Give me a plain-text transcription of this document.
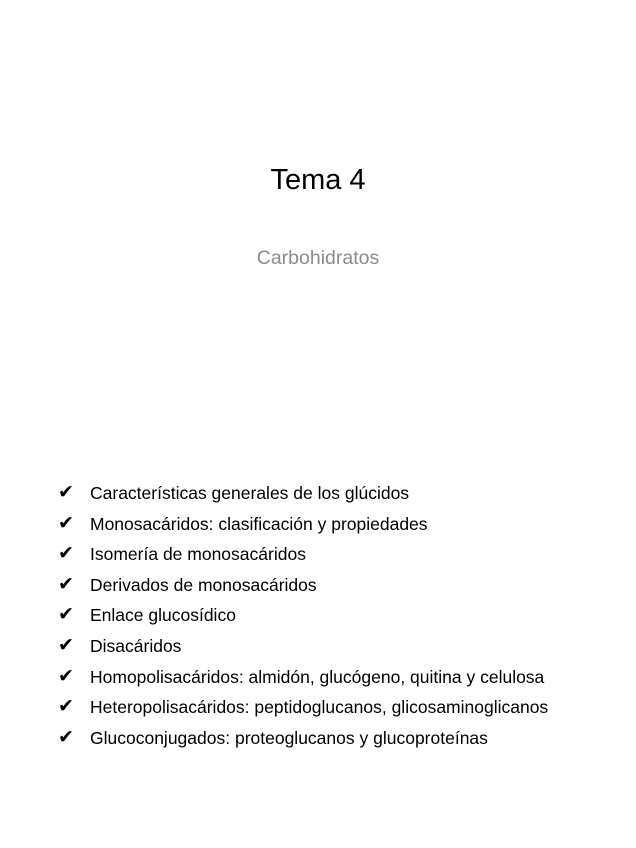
Tema 4
Carbohidratos
✔ Características generales de los glúcidos
✔ Monosacáridos: clasificación y propiedades
✔ Isomería de monosacáridos
✔ Derivados de monosacáridos
✔ Enlace glucosídico
✔ Disacáridos
✔ Homopolisacáridos: almidón, glucógeno, quitina y celulosa
✔ Heteropolisacáridos: peptidoglucanos, glicosaminoglicanos
✔ Glucoconjugados: proteoglucanos y glucoproteínas
